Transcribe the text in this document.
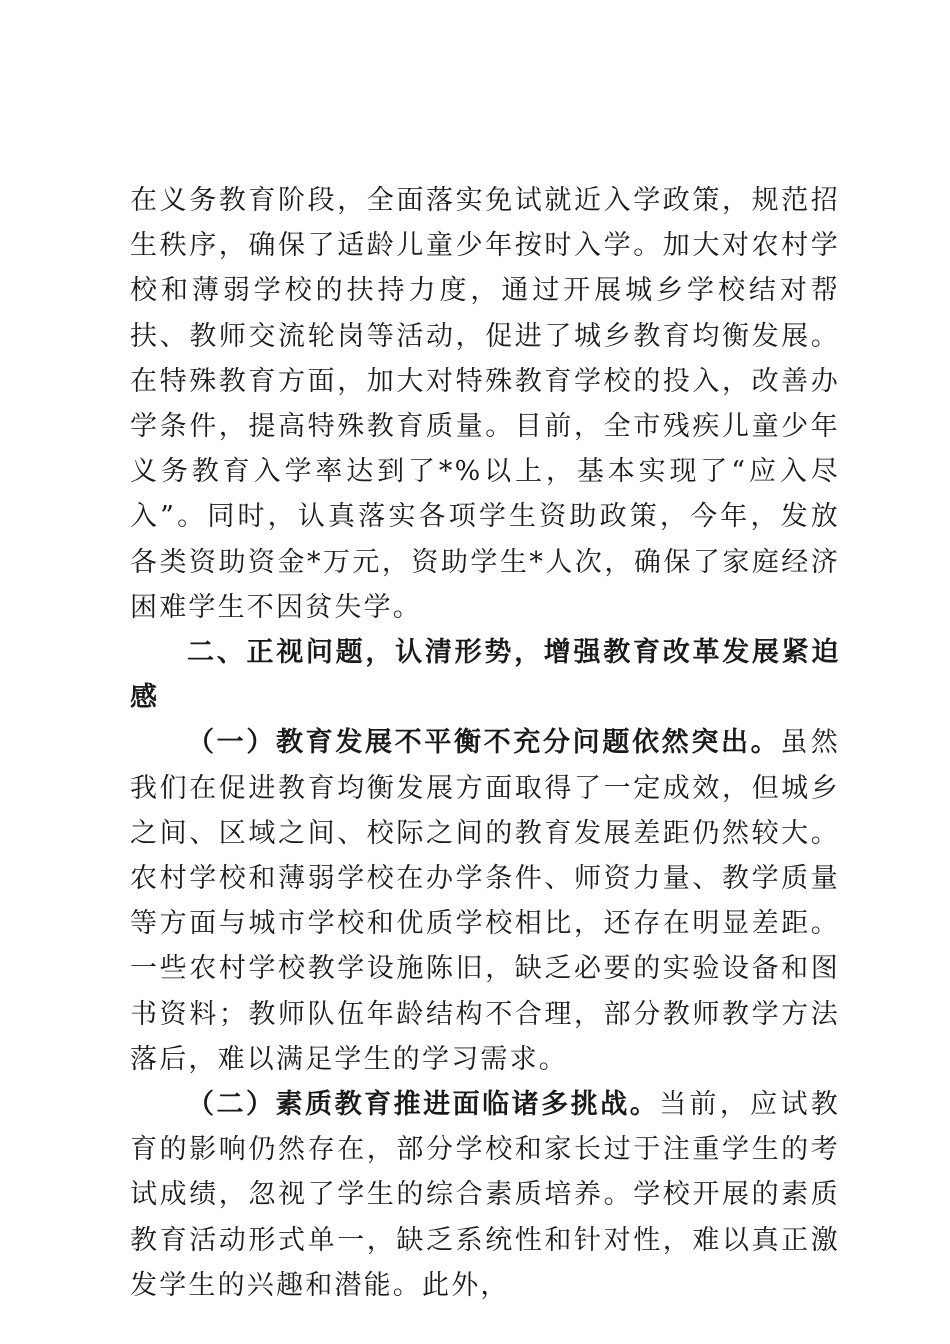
在义务教育阶段，全面落实免试就近入学政策，规范招生秩序，确保了适龄儿童少年按时入学。加大对农村学校和薄弱学校的扶持力度，通过开展城乡学校结对帮扶、教师交流轮岗等活动，促进了城乡教育均衡发展。在特殊教育方面，加大对特殊教育学校的投入，改善办学条件，提高特殊教育质量。目前，全市残疾儿童少年义务教育入学率达到了*%以上，基本实现了“应入尽入”。同时，认真落实各项学生资助政策，今年，发放各类资助资金*万元，资助学生*人次，确保了家庭经济困难学生不因贫失学。

二、正视问题，认清形势，增强教育改革发展紧迫感

（一）教育发展不平衡不充分问题依然突出。虽然我们在促进教育均衡发展方面取得了一定成效，但城乡之间、区域之间、校际之间的教育发展差距仍然较大。农村学校和薄弱学校在办学条件、师资力量、教学质量等方面与城市学校和优质学校相比，还存在明显差距。一些农村学校教学设施陈旧，缺乏必要的实验设备和图书资料；教师队伍年龄结构不合理，部分教师教学方法落后，难以满足学生的学习需求。

（二）素质教育推进面临诸多挑战。当前，应试教育的影响仍然存在，部分学校和家长过于注重学生的考试成绩，忽视了学生的综合素质培养。学校开展的素质教育活动形式单一，缺乏系统性和针对性，难以真正激发学生的兴趣和潜能。此外，
